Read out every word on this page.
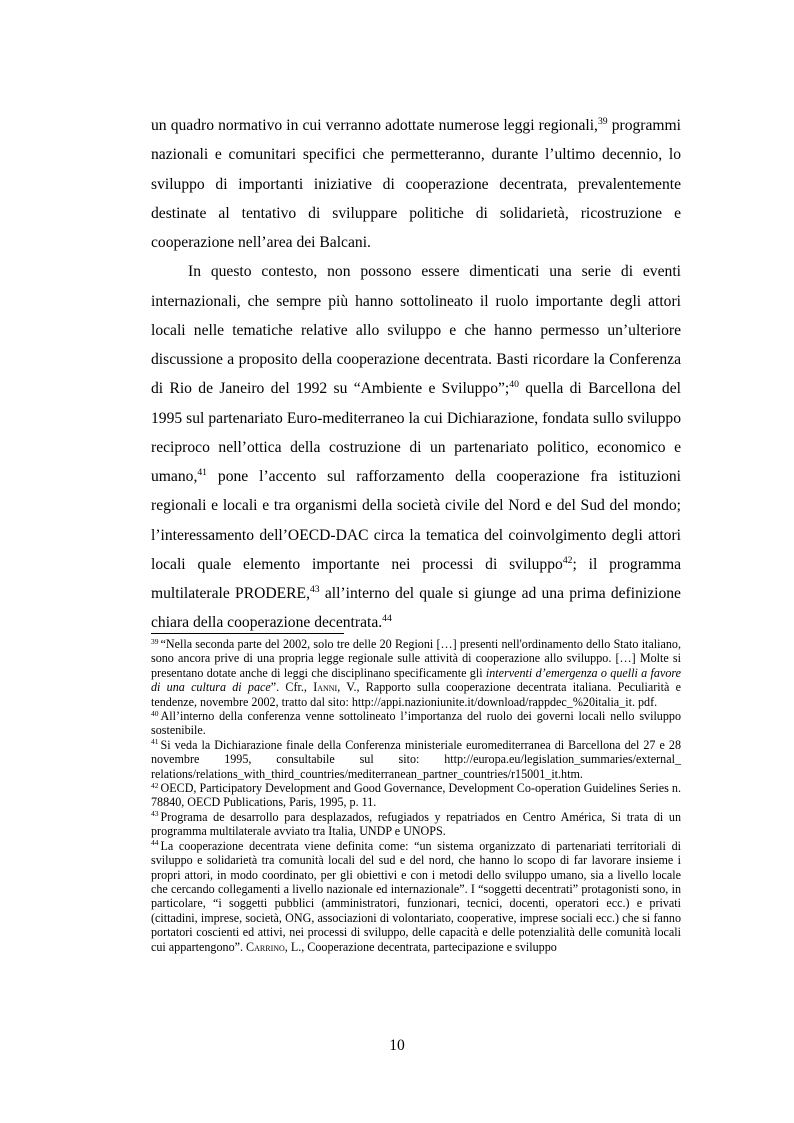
un quadro normativo in cui verranno adottate numerose leggi regionali,$^{39}$ programmi nazionali e comunitari specifici che permetteranno, durante l’ultimo decennio, lo sviluppo di importanti iniziative di cooperazione decentrata, prevalentemente destinate al tentativo di sviluppare politiche di solidarietà, ricostruzione e cooperazione nell’area dei Balcani.

In questo contesto, non possono essere dimenticati una serie di eventi internazionali, che sempre più hanno sottolineato il ruolo importante degli attori locali nelle tematiche relative allo sviluppo e che hanno permesso un’ulteriore discussione a proposito della cooperazione decentrata. Basti ricordare la Conferenza di Rio de Janeiro del 1992 su “Ambiente e Sviluppo”;$^{40}$ quella di Barcellona del 1995 sul partenariato Euro-mediterraneo la cui Dichiarazione, fondata sullo sviluppo reciproco nell’ottica della costruzione di un partenariato politico, economico e umano,$^{41}$ pone l’accento sul rafforzamento della cooperazione fra istituzioni regionali e locali e tra organismi della società civile del Nord e del Sud del mondo; l’interessamento dell’OECD-DAC circa la tematica del coinvolgimento degli attori locali quale elemento importante nei processi di sviluppo$^{42}$; il programma multilaterale PRODERE,$^{43}$ all’interno del quale si giunge ad una prima definizione chiara della cooperazione decentrata.$^{44}$

$^{39}$ “Nella seconda parte del 2002, solo tre delle 20 Regioni […] presenti nell'ordinamento dello Stato italiano, sono ancora prive di una propria legge regionale sulle attività di cooperazione allo sviluppo. […] Molte si presentano dotate anche di leggi che disciplinano specificamente gli interventi d’emergenza o quelli a favore di una cultura di pace”. Cfr., Ianni, V., Rapporto sulla cooperazione decentrata italiana. Peculiarità e tendenze, novembre 2002, tratto dal sito: http://appi.nazioniunite.it/download/rappdec_%20italia_it. pdf.

$^{40}$ All’interno della conferenza venne sottolineato l’importanza del ruolo dei governi locali nello sviluppo sostenibile.

$^{41}$ Si veda la Dichiarazione finale della Conferenza ministeriale euromediterranea di Barcellona del 27 e 28 novembre 1995, consultabile sul sito: http://europa.eu/legislation_summaries/external_ relations/relations_with_third_countries/mediterranean_partner_countries/r15001_it.htm.

$^{42}$ OECD, Participatory Development and Good Governance, Development Co-operation Guidelines Series n. 78840, OECD Publications, Paris, 1995, p. 11.

$^{43}$ Programa de desarrollo para desplazados, refugiados y repatriados en Centro América, Si trata di un programma multilaterale avviato tra Italia, UNDP e UNOPS.

$^{44}$ La cooperazione decentrata viene definita come: “un sistema organizzato di partenariati territoriali di sviluppo e solidarietà tra comunità locali del sud e del nord, che hanno lo scopo di far lavorare insieme i propri attori, in modo coordinato, per gli obiettivi e con i metodi dello sviluppo umano, sia a livello locale che cercando collegamenti a livello nazionale ed internazionale”. I “soggetti decentrati” protagonisti sono, in particolare, “i soggetti pubblici (amministratori, funzionari, tecnici, docenti, operatori ecc.) e privati (cittadini, imprese, società, ONG, associazioni di volontariato, cooperative, imprese sociali ecc.) che si fanno portatori coscienti ed attivi, nei processi di sviluppo, delle capacità e delle potenzialità delle comunità locali cui appartengono”. Carrino, L., Cooperazione decentrata, partecipazione e sviluppo

10
